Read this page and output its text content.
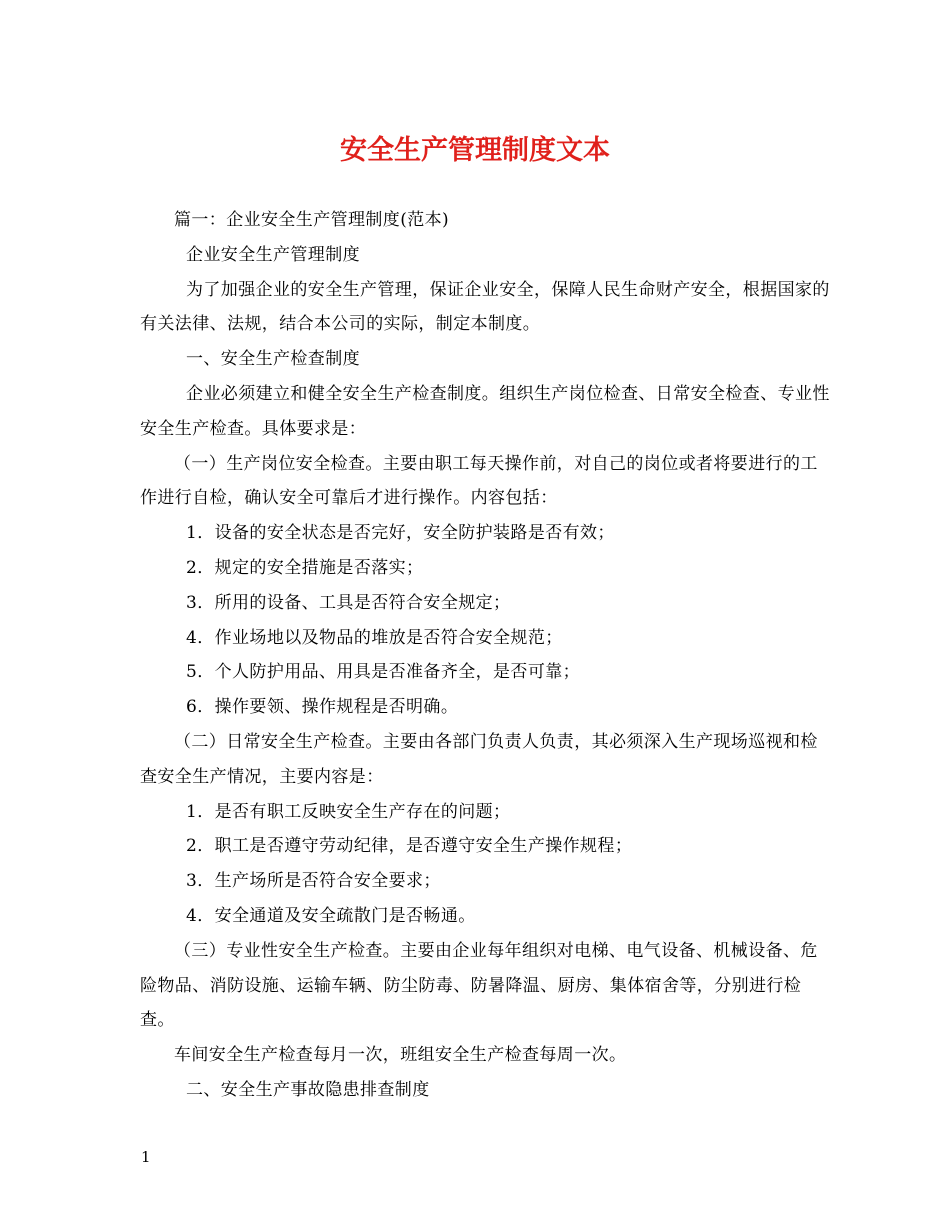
安全生产管理制度文本

篇一：企业安全生产管理制度(范本)

企业安全生产管理制度

为了加强企业的安全生产管理，保证企业安全，保障人民生命财产安全，根据国家的有关法律、法规，结合本公司的实际，制定本制度。

一、安全生产检查制度

企业必须建立和健全安全生产检查制度。组织生产岗位检查、日常安全检查、专业性安全生产检查。具体要求是：

（一）生产岗位安全检查。主要由职工每天操作前，对自己的岗位或者将要进行的工作进行自检，确认安全可靠后才进行操作。内容包括：

1．设备的安全状态是否完好，安全防护装路是否有效；

2．规定的安全措施是否落实；

3．所用的设备、工具是否符合安全规定；

4．作业场地以及物品的堆放是否符合安全规范；

5．个人防护用品、用具是否准备齐全，是否可靠；

6．操作要领、操作规程是否明确。

（二）日常安全生产检查。主要由各部门负责人负责，其必须深入生产现场巡视和检查安全生产情况，主要内容是：

1．是否有职工反映安全生产存在的问题；

2．职工是否遵守劳动纪律，是否遵守安全生产操作规程；

3．生产场所是否符合安全要求；

4．安全通道及安全疏散门是否畅通。

（三）专业性安全生产检查。主要由企业每年组织对电梯、电气设备、机械设备、危险物品、消防设施、运输车辆、防尘防毒、防暑降温、厨房、集体宿舍等，分别进行检查。

车间安全生产检查每月一次，班组安全生产检查每周一次。

二、安全生产事故隐患排查制度

1
